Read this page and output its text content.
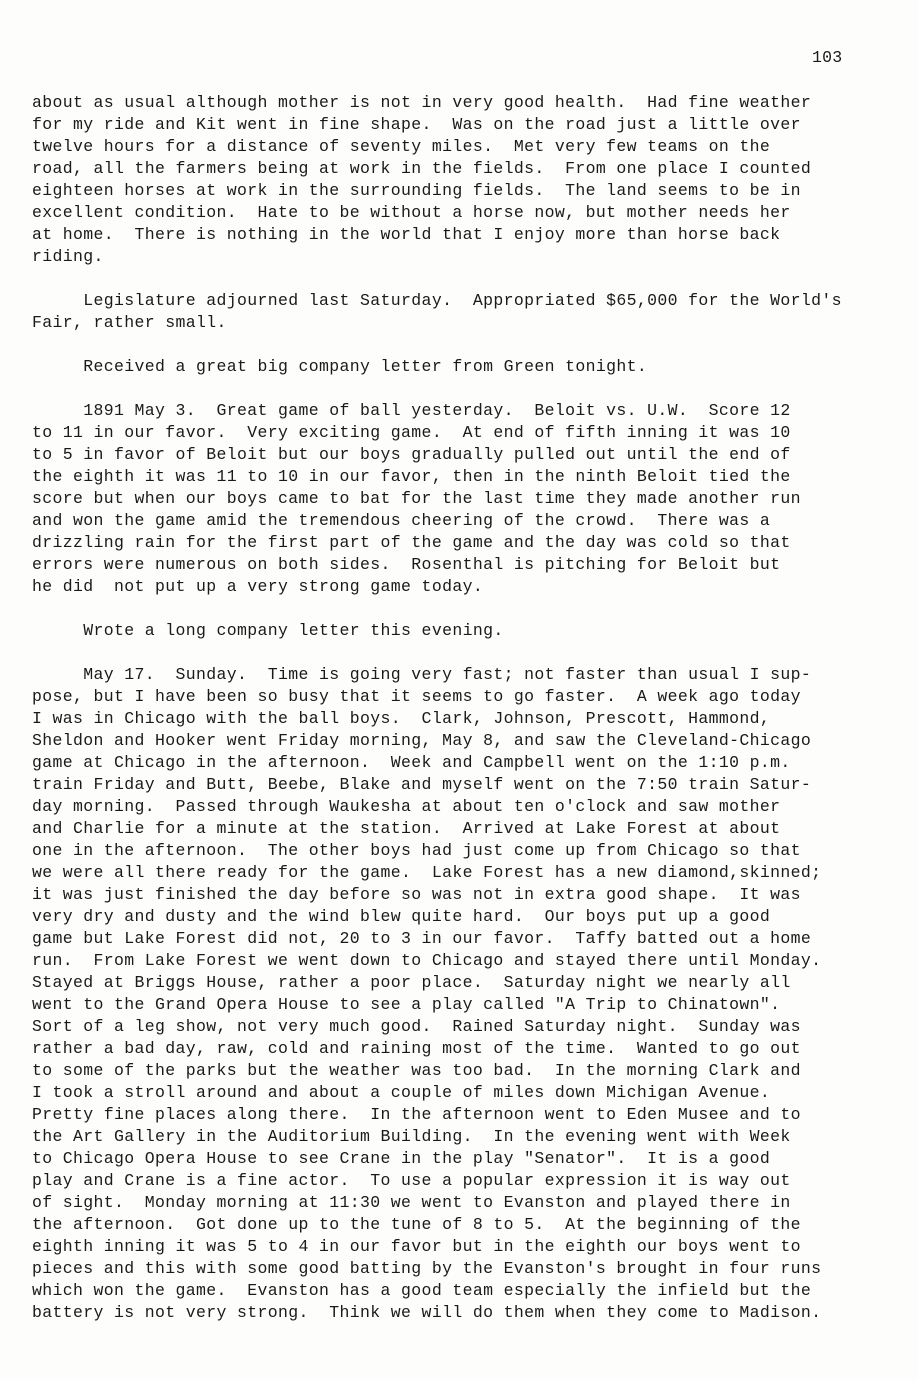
103
about as usual although mother is not in very good health.  Had fine weather
for my ride and Kit went in fine shape.  Was on the road just a little over
twelve hours for a distance of seventy miles.  Met very few teams on the
road, all the farmers being at work in the fields.  From one place I counted
eighteen horses at work in the surrounding fields.  The land seems to be in
excellent condition.  Hate to be without a horse now, but mother needs her
at home.  There is nothing in the world that I enjoy more than horse back
riding.
Legislature adjourned last Saturday.  Appropriated $65,000 for the World's
Fair, rather small.
Received a great big company letter from Green tonight.
1891 May 3.  Great game of ball yesterday.  Beloit vs. U.W.  Score 12
to 11 in our favor.  Very exciting game.  At end of fifth inning it was 10
to 5 in favor of Beloit but our boys gradually pulled out until the end of
the eighth it was 11 to 10 in our favor, then in the ninth Beloit tied the
score but when our boys came to bat for the last time they made another run
and won the game amid the tremendous cheering of the crowd.  There was a
drizzling rain for the first part of the game and the day was cold so that
errors were numerous on both sides.  Rosenthal is pitching for Beloit but
he did  not put up a very strong game today.
Wrote a long company letter this evening.
May 17.  Sunday.  Time is going very fast; not faster than usual I sup-
pose, but I have been so busy that it seems to go faster.  A week ago today
I was in Chicago with the ball boys.  Clark, Johnson, Prescott, Hammond,
Sheldon and Hooker went Friday morning, May 8, and saw the Cleveland-Chicago
game at Chicago in the afternoon.  Week and Campbell went on the 1:10 p.m.
train Friday and Butt, Beebe, Blake and myself went on the 7:50 train Satur-
day morning.  Passed through Waukesha at about ten o'clock and saw mother
and Charlie for a minute at the station.  Arrived at Lake Forest at about
one in the afternoon.  The other boys had just come up from Chicago so that
we were all there ready for the game.  Lake Forest has a new diamond,skinned;
it was just finished the day before so was not in extra good shape.  It was
very dry and dusty and the wind blew quite hard.  Our boys put up a good
game but Lake Forest did not, 20 to 3 in our favor.  Taffy batted out a home
run.  From Lake Forest we went down to Chicago and stayed there until Monday.
Stayed at Briggs House, rather a poor place.  Saturday night we nearly all
went to the Grand Opera House to see a play called "A Trip to Chinatown".
Sort of a leg show, not very much good.  Rained Saturday night.  Sunday was
rather a bad day, raw, cold and raining most of the time.  Wanted to go out
to some of the parks but the weather was too bad.  In the morning Clark and
I took a stroll around and about a couple of miles down Michigan Avenue.
Pretty fine places along there.  In the afternoon went to Eden Musee and to
the Art Gallery in the Auditorium Building.  In the evening went with Week
to Chicago Opera House to see Crane in the play "Senator".  It is a good
play and Crane is a fine actor.  To use a popular expression it is way out
of sight.  Monday morning at 11:30 we went to Evanston and played there in
the afternoon.  Got done up to the tune of 8 to 5.  At the beginning of the
eighth inning it was 5 to 4 in our favor but in the eighth our boys went to
pieces and this with some good batting by the Evanston's brought in four runs
which won the game.  Evanston has a good team especially the infield but the
battery is not very strong.  Think we will do them when they come to Madison.
